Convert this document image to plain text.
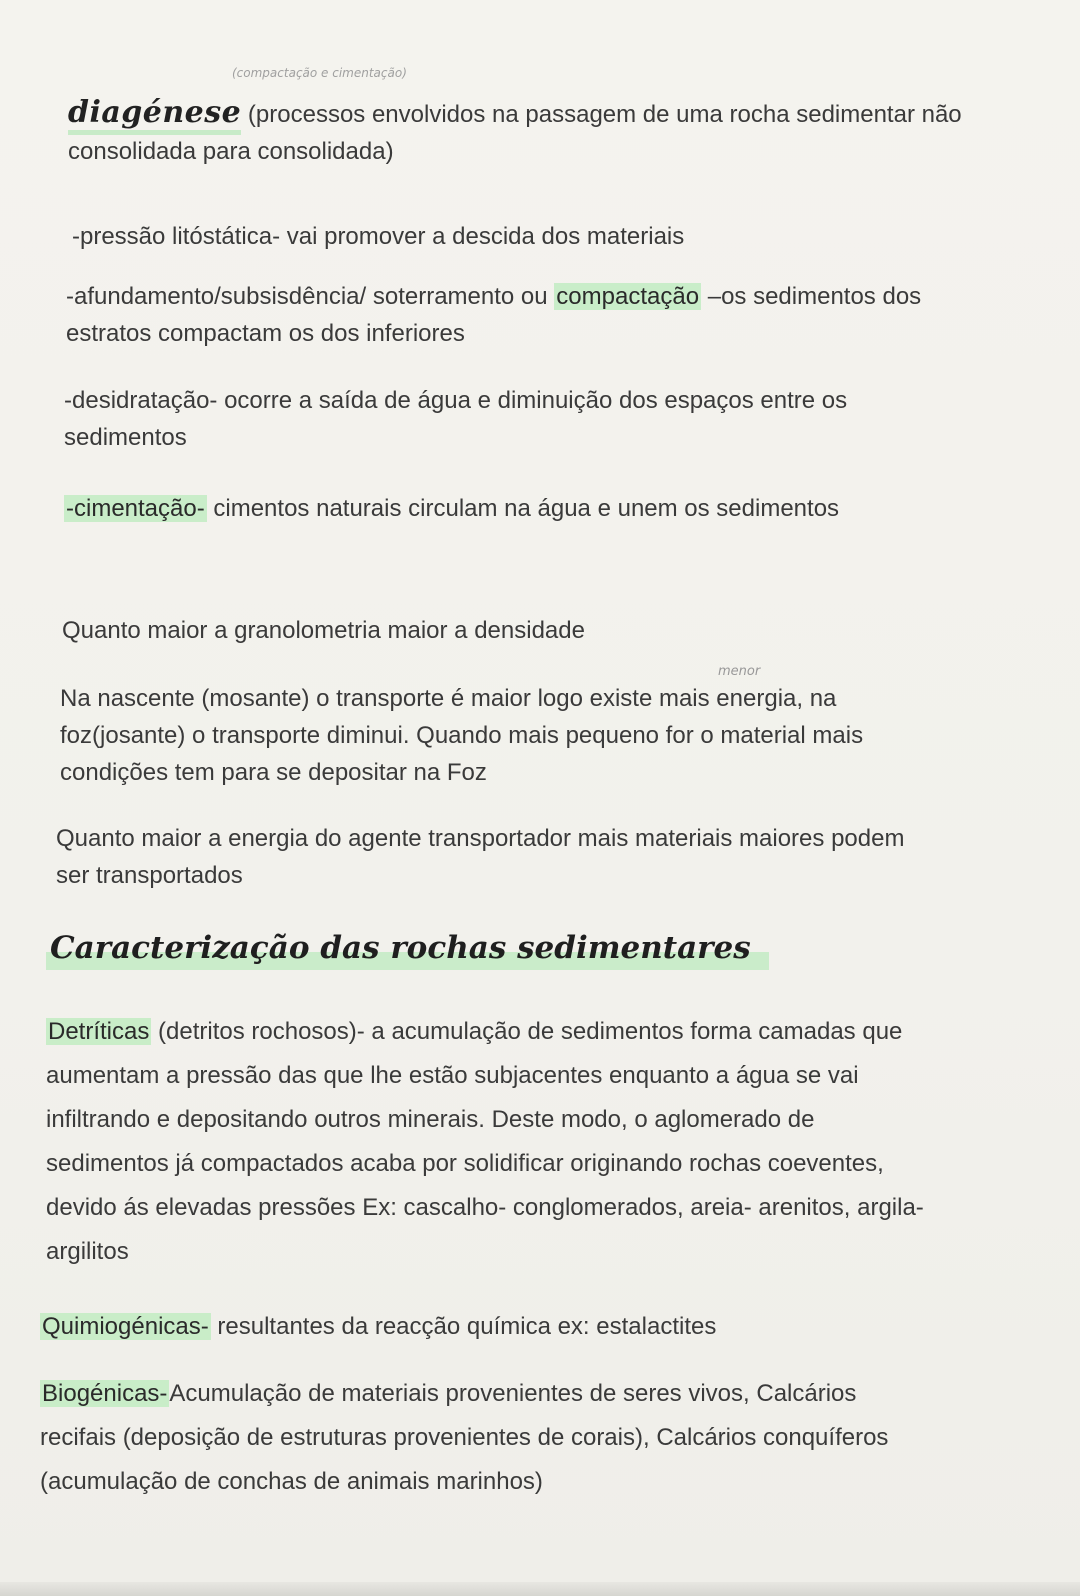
(compactação e cimentação)
diagénese (processos envolvidos na passagem de uma rocha sedimentar não
consolidada para consolidada)
-pressão litóstática- vai promover a descida dos materiais
-afundamento/subsisdência/ soterramento ou compactação –os sedimentos dos
estratos compactam os dos inferiores
-desidratação- ocorre a saída de água e diminuição dos espaços entre os
sedimentos
-cimentação- cimentos naturais circulam na água e unem os sedimentos
Quanto maior a granolometria maior a densidade
menor
Na nascente (mosante) o transporte é maior logo existe mais energia, na
foz(josante) o transporte diminui. Quando mais pequeno for o material mais
condições tem para se depositar na Foz
Quanto maior a energia do agente transportador mais materiais maiores podem
ser transportados
Caracterização das rochas sedimentares
Detríticas (detritos rochosos)- a acumulação de sedimentos forma camadas que
aumentam a pressão das que lhe estão subjacentes enquanto a água se vai
infiltrando e depositando outros minerais. Deste modo, o aglomerado de
sedimentos já compactados acaba por solidificar originando rochas coeventes,
devido ás elevadas pressões Ex: cascalho- conglomerados, areia- arenitos, argila-
argilitos
Quimiogénicas- resultantes da reacção química ex: estalactites
Biogénicas-Acumulação de materiais provenientes de seres vivos, Calcários
recifais (deposição de estruturas provenientes de corais), Calcários conquíferos
(acumulação de conchas de animais marinhos)
